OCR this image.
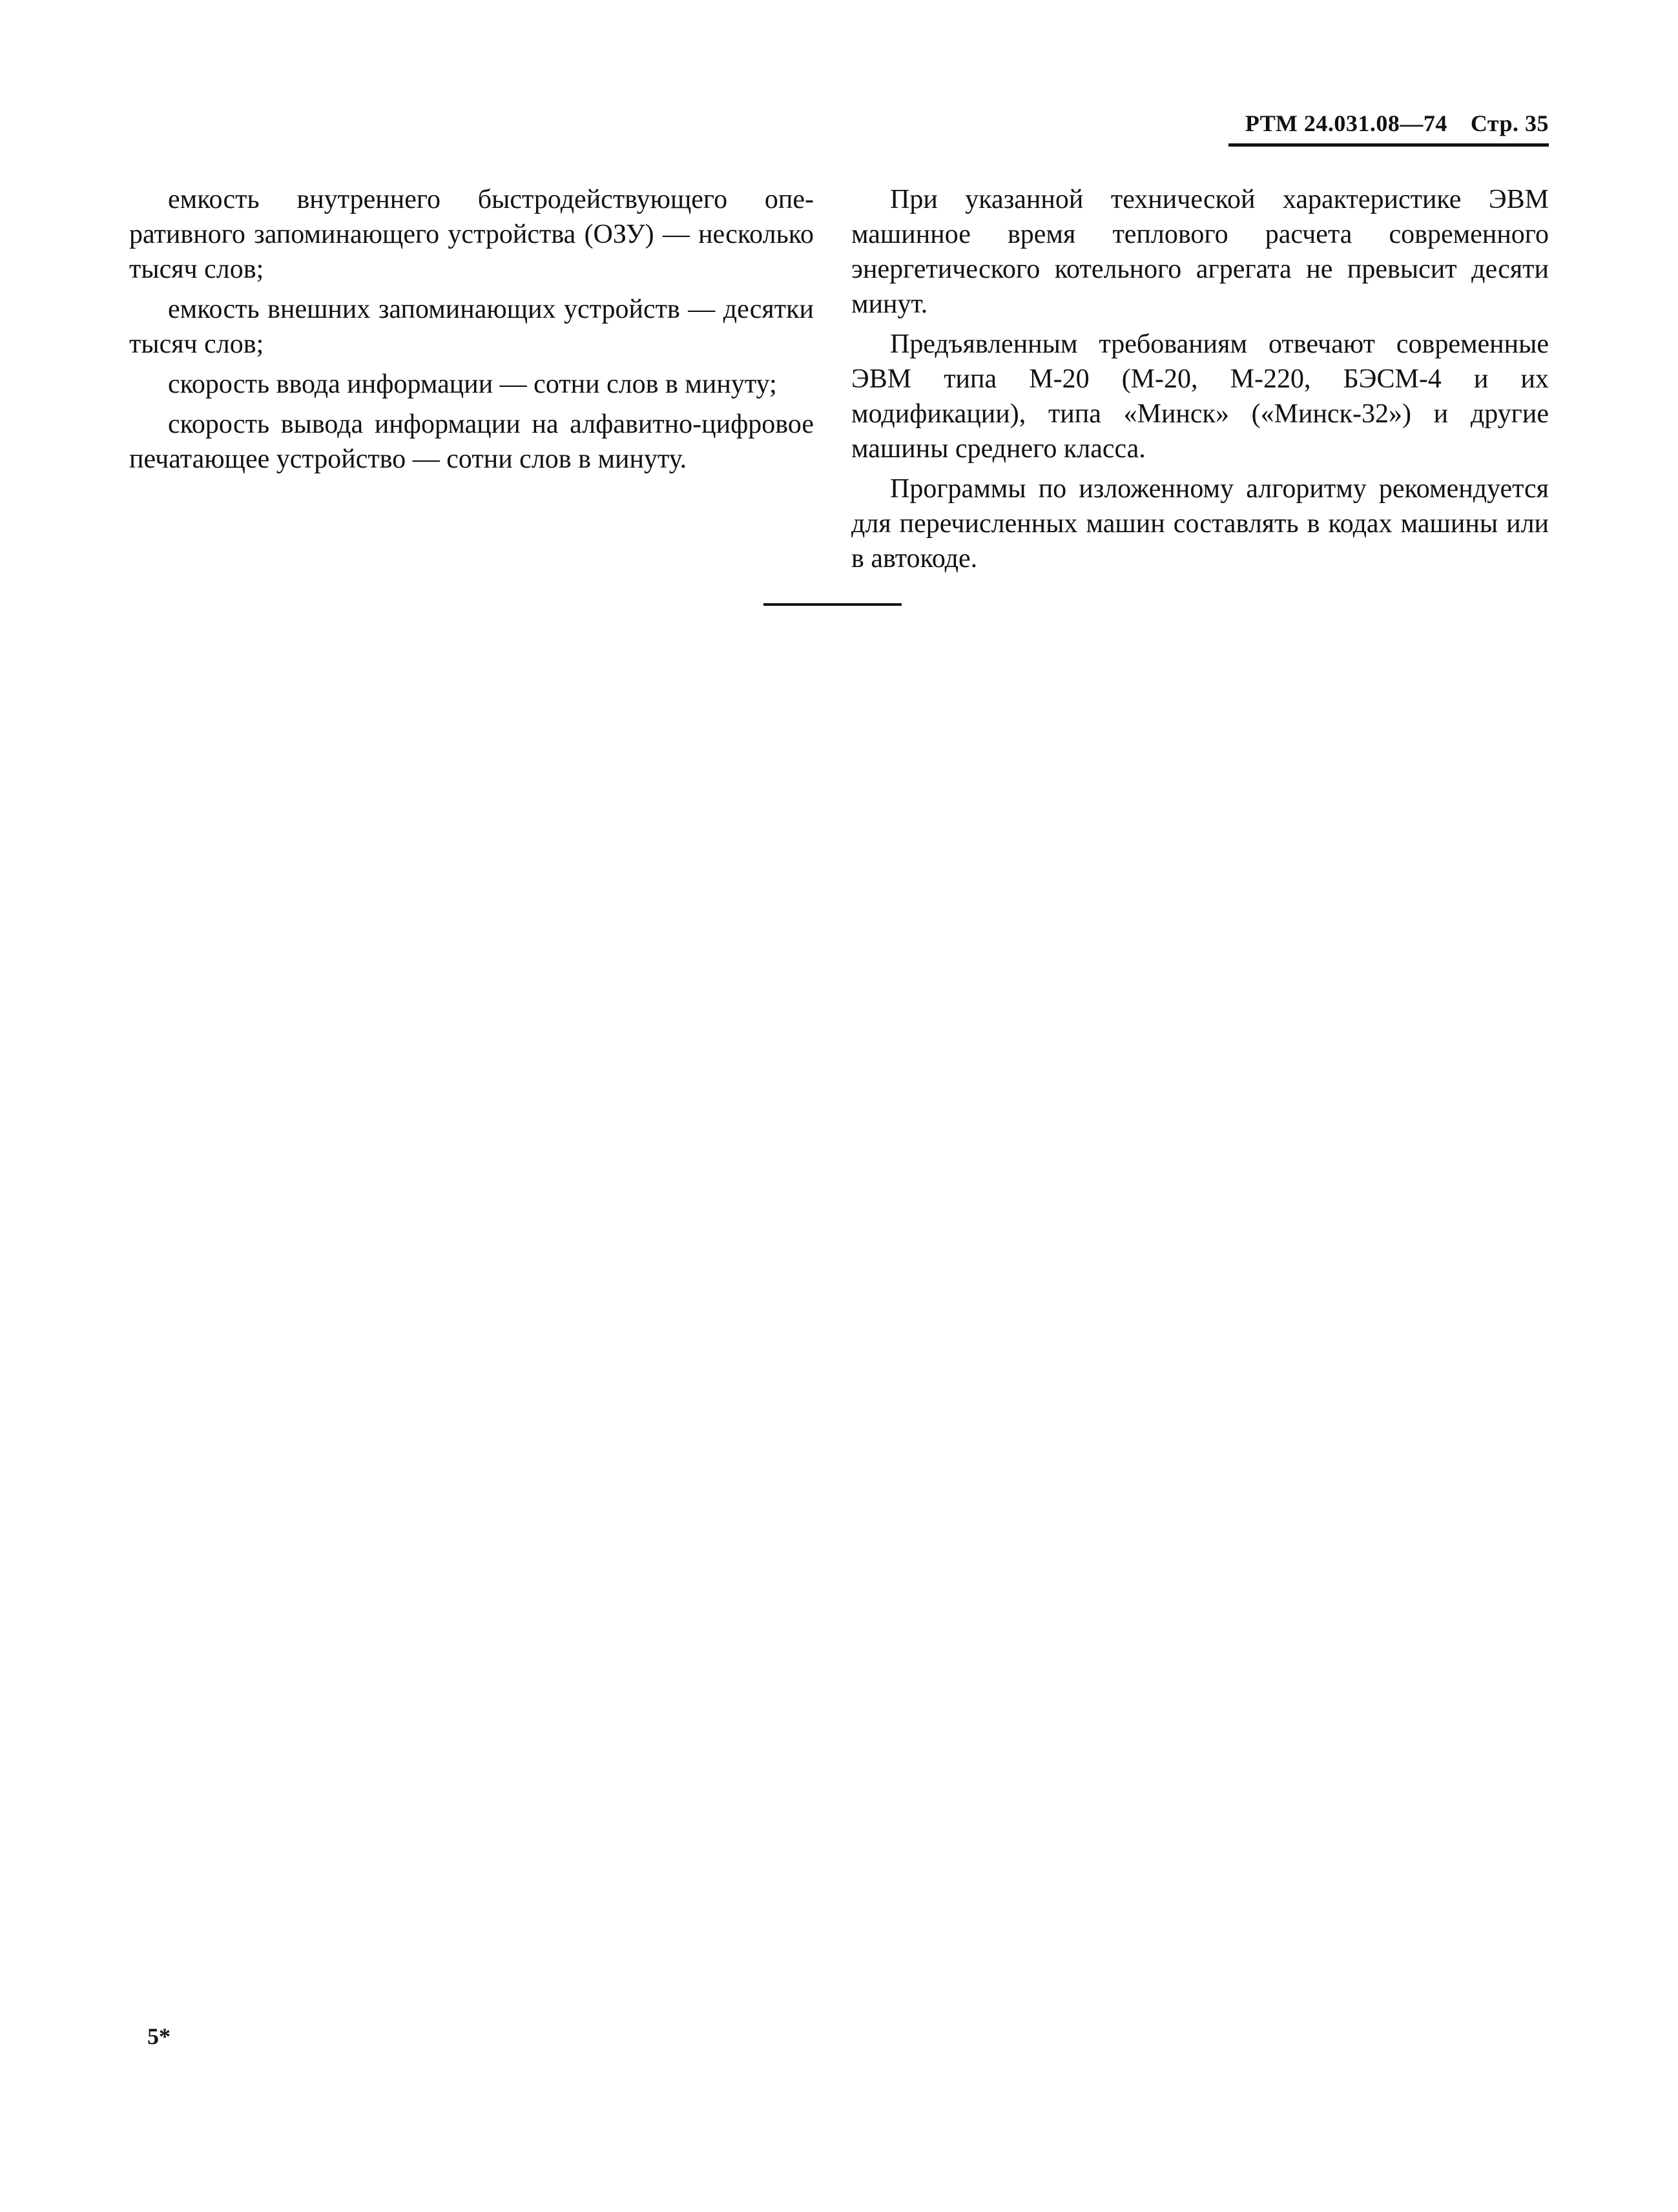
РТМ 24.031.08—74 Стр. 35

емкость внутреннего быстродействующего оперативного запоминающего устройства (ОЗУ) — несколько тысяч слов;

емкость внешних запоминающих устройств — десятки тысяч слов;

скорость ввода информации — сотни слов в минуту;

скорость вывода информации на алфавитно-цифровое печатающее устройство — сотни слов в минуту.

При указанной технической характеристике ЭВМ машинное время теплового расчета современного энергетического котельного агрегата не превысит десяти минут.

Предъявленным требованиям отвечают современные ЭВМ типа М-20 (М-20, М-220, БЭСМ-4 и их модификации), типа «Минск» («Минск-32») и другие машины среднего класса.

Программы по изложенному алгоритму рекомендуется для перечисленных машин составлять в кодах машины или в автокоде.

5*
